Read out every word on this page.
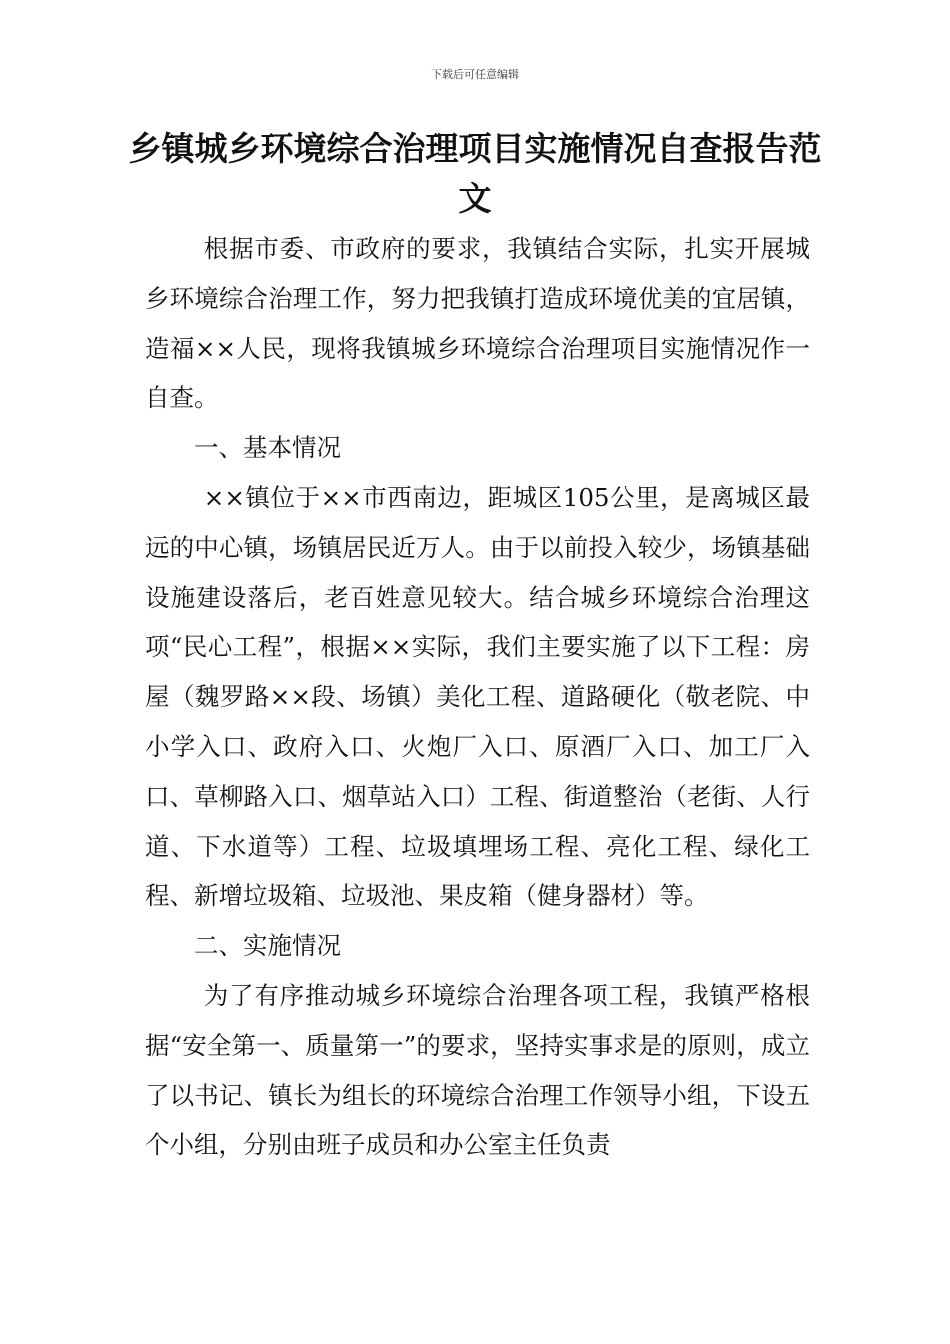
下载后可任意编辑
乡镇城乡环境综合治理项目实施情况自查报告范文

根据市委、市政府的要求，我镇结合实际，扎实开展城乡环境综合治理工作，努力把我镇打造成环境优美的宜居镇，造福××人民，现将我镇城乡环境综合治理项目实施情况作一自查。

一、基本情况

××镇位于××市西南边，距城区105公里，是离城区最远的中心镇，场镇居民近万人。由于以前投入较少，场镇基础设施建设落后，老百姓意见较大。结合城乡环境综合治理这项“民心工程”，根据××实际，我们主要实施了以下工程：房屋（魏罗路××段、场镇）美化工程、道路硬化（敬老院、中小学入口、政府入口、火炮厂入口、原酒厂入口、加工厂入口、草柳路入口、烟草站入口）工程、街道整治（老街、人行道、下水道等）工程、垃圾填埋场工程、亮化工程、绿化工程、新增垃圾箱、垃圾池、果皮箱（健身器材）等。

二、实施情况

为了有序推动城乡环境综合治理各项工程，我镇严格根据“安全第一、质量第一”的要求，坚持实事求是的原则，成立了以书记、镇长为组长的环境综合治理工作领导小组，下设五个小组，分别由班子成员和办公室主任负责
